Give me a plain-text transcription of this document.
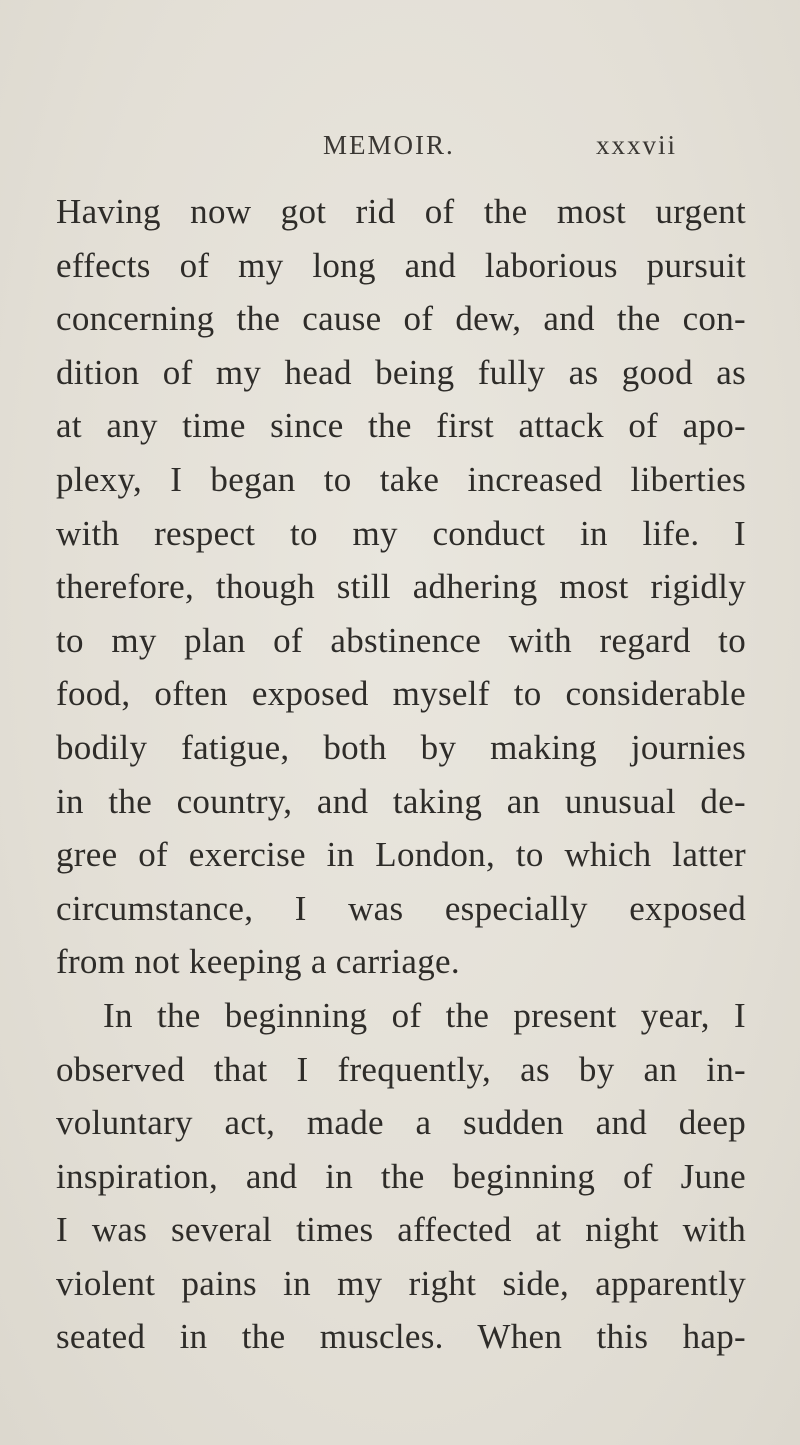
MEMOIR.	xxxvii
Having now got rid of the most urgent
effects of my long and laborious pursuit
concerning the cause of dew, and the con-
dition of my head being fully as good as
at any time since the first attack of apo-
plexy, I began to take increased liberties
with respect to my conduct in life. I
therefore, though still adhering most rigidly
to my plan of abstinence with regard to
food, often exposed myself to considerable
bodily fatigue, both by making journies
in the country, and taking an unusual de-
gree of exercise in London, to which latter
circumstance, I was especially exposed
from not keeping a carriage.
In the beginning of the present year, I
observed that I frequently, as by an in-
voluntary act, made a sudden and deep
inspiration, and in the beginning of June
I was several times affected at night with
violent pains in my right side, apparently
seated in the muscles. When this hap-
